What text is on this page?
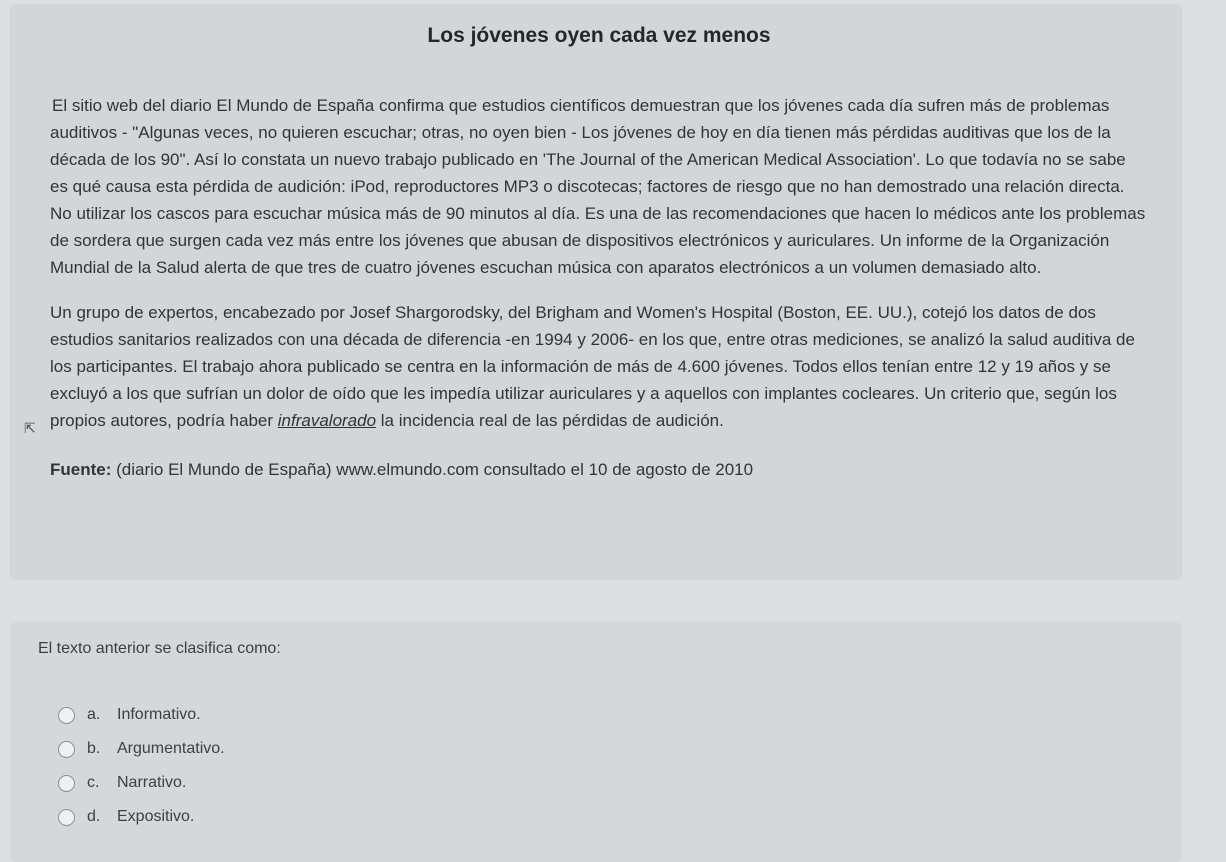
Los jóvenes oyen cada vez menos

El sitio web del diario El Mundo de España confirma que estudios científicos demuestran que los jóvenes cada día sufren más de problemas auditivos - "Algunas veces, no quieren escuchar; otras, no oyen bien - Los jóvenes de hoy en día tienen más pérdidas auditivas que los de la década de los 90". Así lo constata un nuevo trabajo publicado en 'The Journal of the American Medical Association'. Lo que todavía no se sabe es qué causa esta pérdida de audición: iPod, reproductores MP3 o discotecas; factores de riesgo que no han demostrado una relación directa. No utilizar los cascos para escuchar música más de 90 minutos al día. Es una de las recomendaciones que hacen lo médicos ante los problemas de sordera que surgen cada vez más entre los jóvenes que abusan de dispositivos electrónicos y auriculares. Un informe de la Organización Mundial de la Salud alerta de que tres de cuatro jóvenes escuchan música con aparatos electrónicos a un volumen demasiado alto.

Un grupo de expertos, encabezado por Josef Shargorodsky, del Brigham and Women's Hospital (Boston, EE. UU.), cotejó los datos de dos estudios sanitarios realizados con una década de diferencia -en 1994 y 2006- en los que, entre otras mediciones, se analizó la salud auditiva de los participantes. El trabajo ahora publicado se centra en la información de más de 4.600 jóvenes. Todos ellos tenían entre 12 y 19 años y se excluyó a los que sufrían un dolor de oído que les impedía utilizar auriculares y a aquellos con implantes cocleares. Un criterio que, según los propios autores, podría haber infravalorado la incidencia real de las pérdidas de audición.

Fuente: (diario El Mundo de España) www.elmundo.com consultado el 10 de agosto de 2010
⇱

El texto anterior se clasifica como:

a.	Informativo.
b.	Argumentativo.
c.	Narrativo.
d.	Expositivo.
